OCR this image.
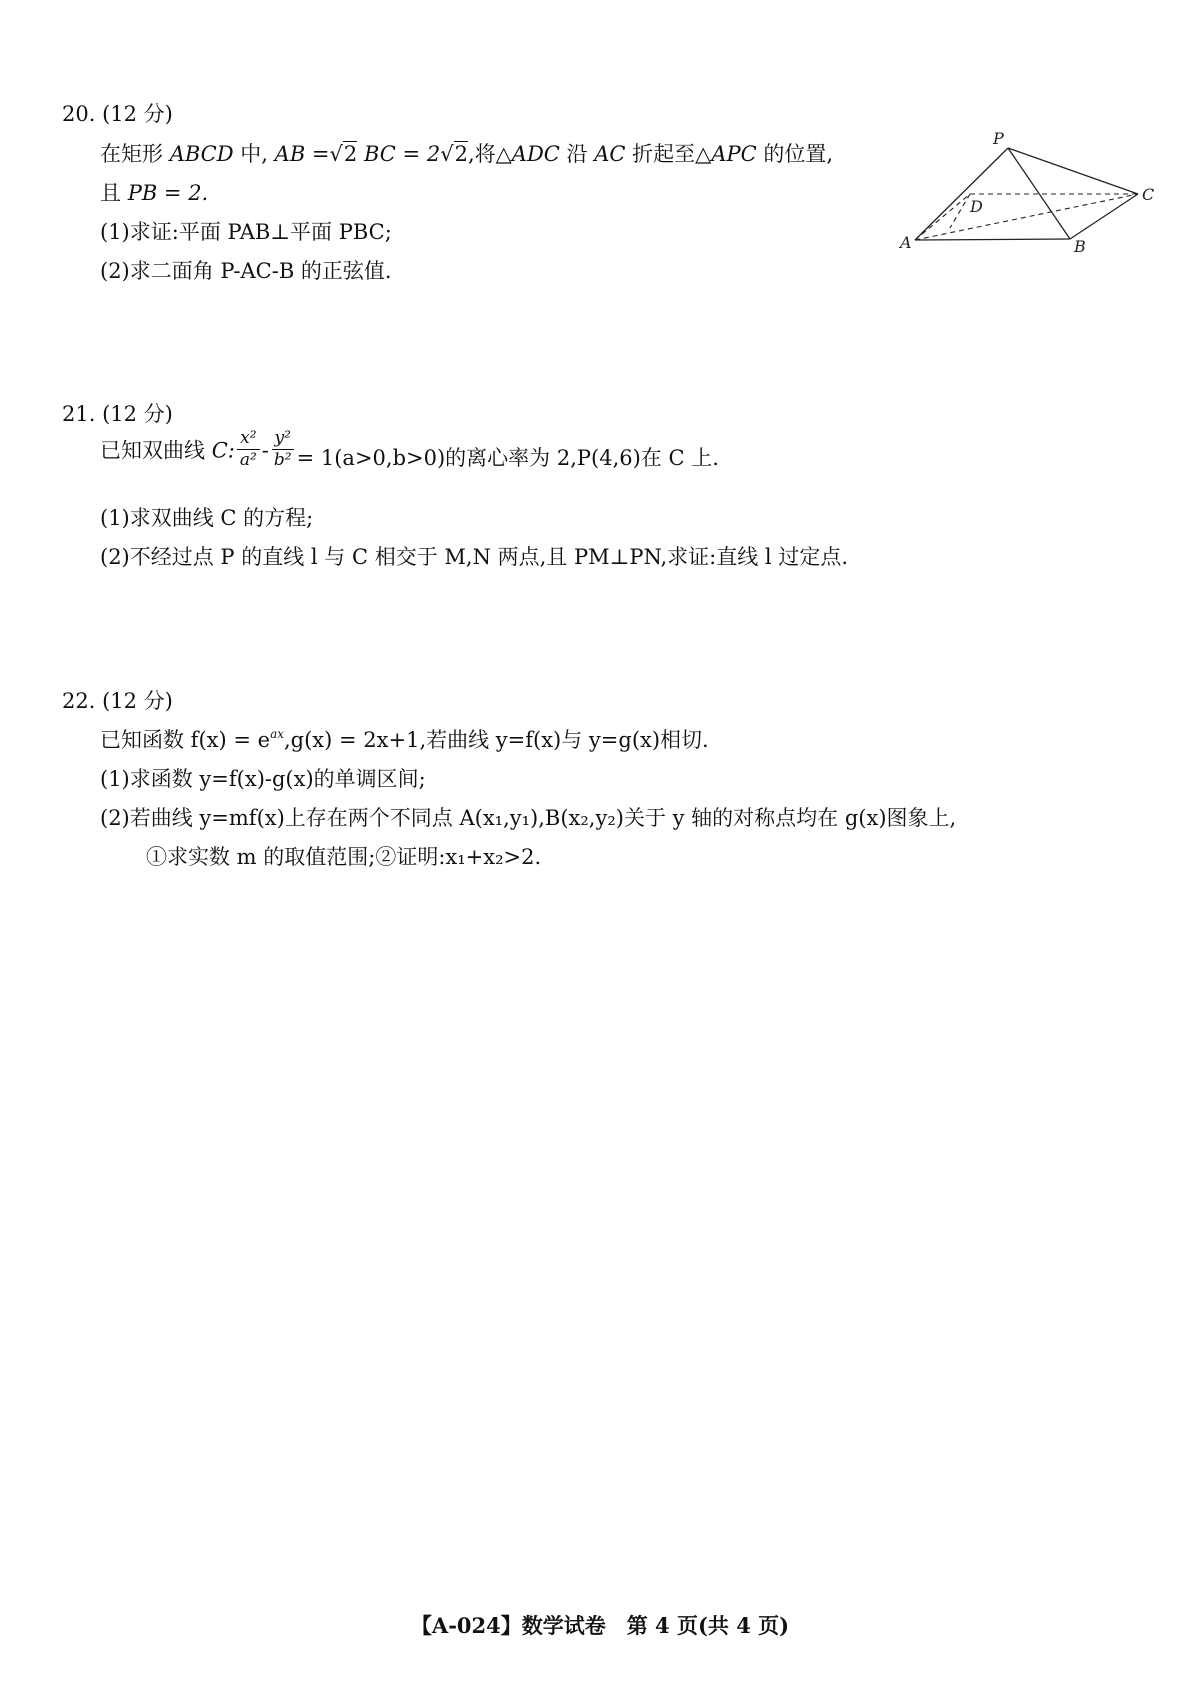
20. (12 分)
在矩形 ABCD 中, AB =√2 BC = 2√2,将△ADC 沿 AC 折起至△APC 的位置,
且 PB = 2.
(1)求证:平面 PAB⊥平面 PBC;
(2)求二面角 P-AC-B 的正弦值.
P
D
C
A	B
21. (12 分)
已知双曲线 C: $\frac{\text{x²}}{\text{a²}} - \frac{\text{y²}}{\text{b²}} = 1(a>0,b>0)$的离心率为 2,P(4,6)在 C 上.
(1)求双曲线 C 的方程;
(2)不经过点 P 的直线 l 与 C 相交于 M,N 两点,且 PM⊥PN,求证:直线 l 过定点.
22. (12 分)
已知函数 $f(x) = e^{ax},g(x) = 2x+1$,若曲线 y=f(x)与 y=g(x)相切.
(1)求函数 y=f(x)-g(x)的单调区间;
(2)若曲线 y=mf(x)上存在两个不同点 A(x₁,y₁),B(x₂,y₂)关于 y 轴的对称点均在 g(x)图象上,
①求实数 m 的取值范围;②证明:x₁+x₂>2.
【A-024】数学试卷　第 4 页(共 4 页)
